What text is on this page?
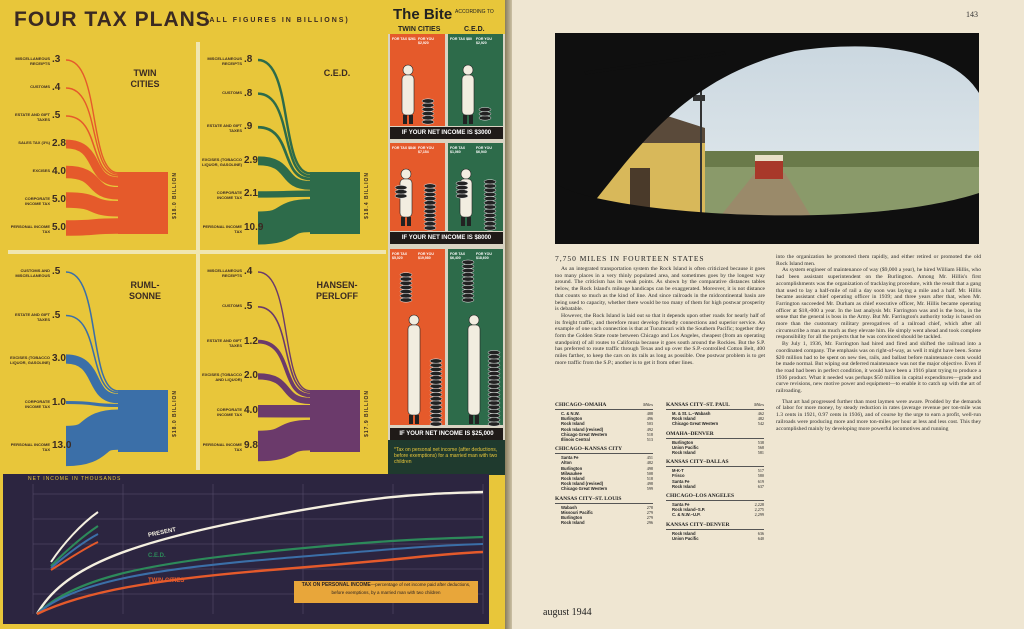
FOUR TAX PLANS
(ALL FIGURES IN BILLIONS)
MISCELLANEOUS RECEIPTS .3
CUSTOMS .4
ESTATE AND GIFT TAXES .5
SALES TAX (3%) 2.8
EXCISES 4.0
CORPORATE INCOME TAX 5.0
PERSONAL INCOME TAX 5.0
TWIN CITIES
$18.0 BILLION
MISCELLANEOUS RECEIPTS .8
CUSTOMS .8
ESTATE AND GIFT TAXES .9
EXCISES (TOBACCO LIQUOR, GASOLINE) 2.9
CORPORATE INCOME TAX 2.1
PERSONAL INCOME TAX 10.9
C.E.D.
$18.4 BILLION
CUSTOMS AND MISCELLANEOUS .5
ESTATE AND GIFT TAXES .5
EXCISES (TOBACCO LIQUOR, GASOLINE) 3.0
CORPORATE INCOME TAX 1.0
PERSONAL INCOME TAX 13.0
RUML-SONNE
$18.0 BILLION
MISCELLANEOUS RECEIPTS .4
CUSTOMS .5
ESTATE AND GIFT TAXES 1.2
EXCISES (TOBACCO AND LIQUOR) 2.0
CORPORATE INCOME TAX 4.0
PERSONAL INCOME TAX 9.8
HANSEN-PERLOFF
$17.9 BILLION
The Bite ACCORDING TO
TWIN CITIES	C.E.D.
IF YOUR NET INCOME IS $3000
FOR TAX $261 FOR YOU $2,920
FOR TAX $80	FOR YOU $2,920
IF YOUR NET INCOME IS $8000
FOR TAX $846 FOR YOU $7,154
FOR TAX $1,060
FOR YOU $6,940
IF YOUR NET INCOME IS $25,000
FOR TAX $5,020
FOR YOU $19,980
FOR TAX $6,400
FOR YOU $18,600
*Tax on personal net income (after deductions, before exemptions) for a married man with two children
NET INCOME IN THOUSANDS
PRESENT
C.E.D.
TWIN CITIES
TAX ON PERSONAL INCOME—percentage of net income paid after deductions, before exemptions, by a married man with two children
143
7,750 MILES IN FOURTEEN STATES

As an integrated transportation system the Rock Island is often criticized because it goes too many places in a very thinly populated area, and sometimes goes by the longest way around. The criticism has its weak points. As shown by the comparative distances tables below, the Rock Island's mileage handicaps can be exaggerated. Moreover, it is not distance that counts so much as the kind of line. And since railroads in the midcontinental basin are being used to capacity, whether there would be too many of them for high postwar prosperity is debatable.

However, the Rock Island is laid out so that it depends upon other roads for nearly half of its freight traffic, and therefore must develop friendly connections and superior service. An example of one such connection is that at Tucumcari with the Southern Pacific; together they form the Golden State route between Chicago and Los Angeles, cheapest (from an operating standpoint) of all routes to California because it goes south around the Rockies. But the S.P. has preferred to route traffic through Texas and up over the S.P.-controlled Cotton Belt, 400 miles farther, to keep the cars on its rails as long as possible. One postwar problem is to get more traffic from the S.P.; another is to get it from other lines.

CHICAGO–OMAHA	Miles
C. & N.W.	488
Burlington	496
Rock Island	503
Rock Island (revised)	492
Chicago Great Western	518
Illinois Central	513
CHICAGO–KANSAS CITY
Santa Fe	451
Alton	482
Burlington	498
Milwaukee	508
Rock Island	518
Rock Island (revised)	498
Chicago Great Western	599
KANSAS CITY–ST. LOUIS
Wabash	278
Missouri Pacific	279
Burlington	279
Rock Island	296
KANSAS CITY–ST. PAUL	Miles
M. & St. L.–Wabash	462
Rock Island	482
Chicago Great Western	542
OMAHA–DENVER
Burlington	538
Union Pacific	568
Rock Island	581
KANSAS CITY–DALLAS
M-K-T	517
Frisco	580
Santa Fe	619
Rock Island	637
CHICAGO–LOS ANGELES
Santa Fe	2,228
Rock Island–S.P.	2,275
C. & N.W.–U.P.	2,299
KANSAS CITY–DENVER
Rock Island	636
Union Pacific	640

into the organization he promoted them rapidly, and either retired or promoted the old Rock Island men.

As system engineer of maintenance of way ($9,000 a year), he hired William Hillis, who had been assistant superintendent on the Burlington. Among Mr. Hillis's first accomplishments was the organization of tracklaying procedure, with the result that a gang that used to lay a half-mile of rail a day soon was laying a mile and a half. Mr. Hillis became assistant chief operating officer in 1939; and three years after that, when Mr. Farrington succeeded Mr. Durham as chief executive officer, Mr. Hillis became operating officer at $18,-000 a year. In the last analysis Mr. Farrington was and is the boss, in the sense that the general is boss in the Army. But Mr. Farrington's authority today is based on more than the customary military prerogatives of a railroad chief, which after all circumscribe a man as much as they elevate him. He simply went ahead and took complete responsibility for all the projects that he was convinced should be tackled.

By July 1, 1936, Mr. Farrington had hired and fired and shifted the railroad into a coordinated company. The emphasis was on right-of-way, as well it might have been. Some $20 million had to be spent on new ties, rails, and ballast before maintenance costs would be made normal. But wiping out deferred maintenance was not the major objective. Even if the road had been in perfect condition, it would have been a 1916 plant trying to produce a 1936 product. What it needed was perhaps $50 million in capital expenditures—grade and curve revisions, new motive power and equipment—to enable it to catch up with the art of railroading.

That art had progressed further than most laymen were aware. Prodded by the demands of labor for more money, by steady reduction in rates (average revenue per ton-mile was 1.3 cents in 1921, 0.97 cents in 1936), and of course by the urge to earn a profit, well-run railroads were producing more and more ton-miles per hour at less and less cost. This they accomplished mainly by developing more powerful locomotives and running

august 1944
